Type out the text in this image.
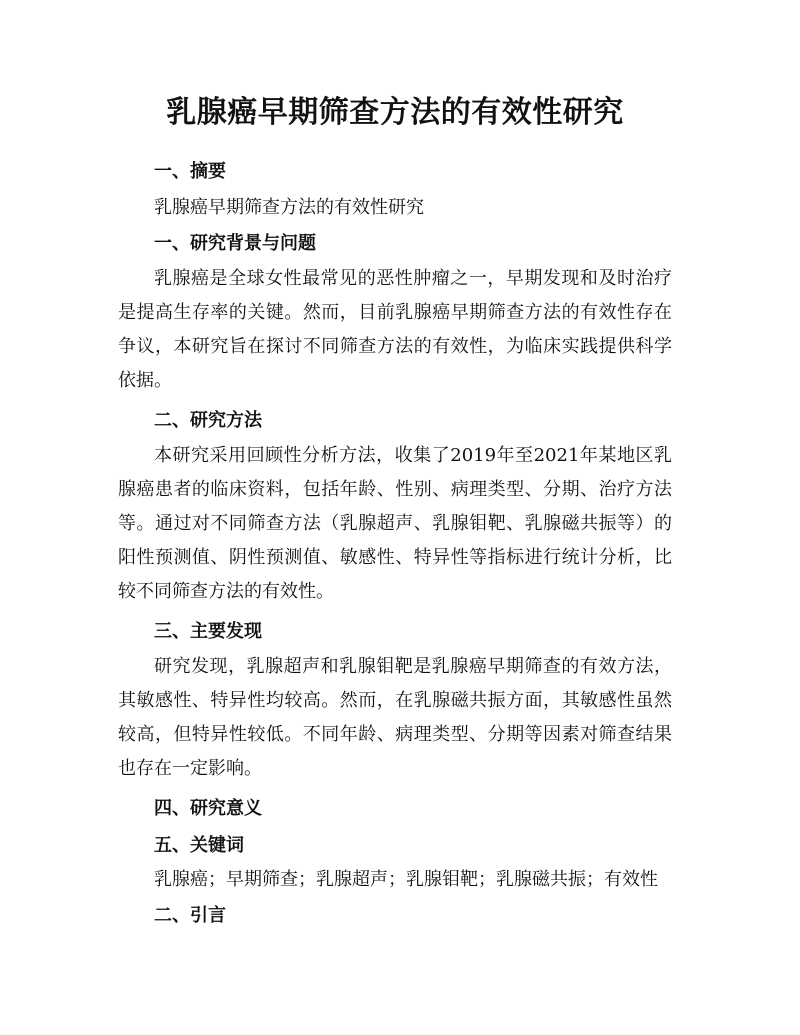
乳腺癌早期筛查方法的有效性研究

一、摘要

乳腺癌早期筛查方法的有效性研究

一、研究背景与问题

乳腺癌是全球女性最常见的恶性肿瘤之一，早期发现和及时治疗是提高生存率的关键。然而，目前乳腺癌早期筛查方法的有效性存在争议，本研究旨在探讨不同筛查方法的有效性，为临床实践提供科学依据。

二、研究方法

本研究采用回顾性分析方法，收集了2019年至2021年某地区乳腺癌患者的临床资料，包括年龄、性别、病理类型、分期、治疗方法等。通过对不同筛查方法（乳腺超声、乳腺钼靶、乳腺磁共振等）的阳性预测值、阴性预测值、敏感性、特异性等指标进行统计分析，比较不同筛查方法的有效性。

三、主要发现

研究发现，乳腺超声和乳腺钼靶是乳腺癌早期筛查的有效方法，其敏感性、特异性均较高。然而，在乳腺磁共振方面，其敏感性虽然较高，但特异性较低。不同年龄、病理类型、分期等因素对筛查结果也存在一定影响。

四、研究意义

五、关键词

乳腺癌；早期筛查；乳腺超声；乳腺钼靶；乳腺磁共振；有效性

二、引言
